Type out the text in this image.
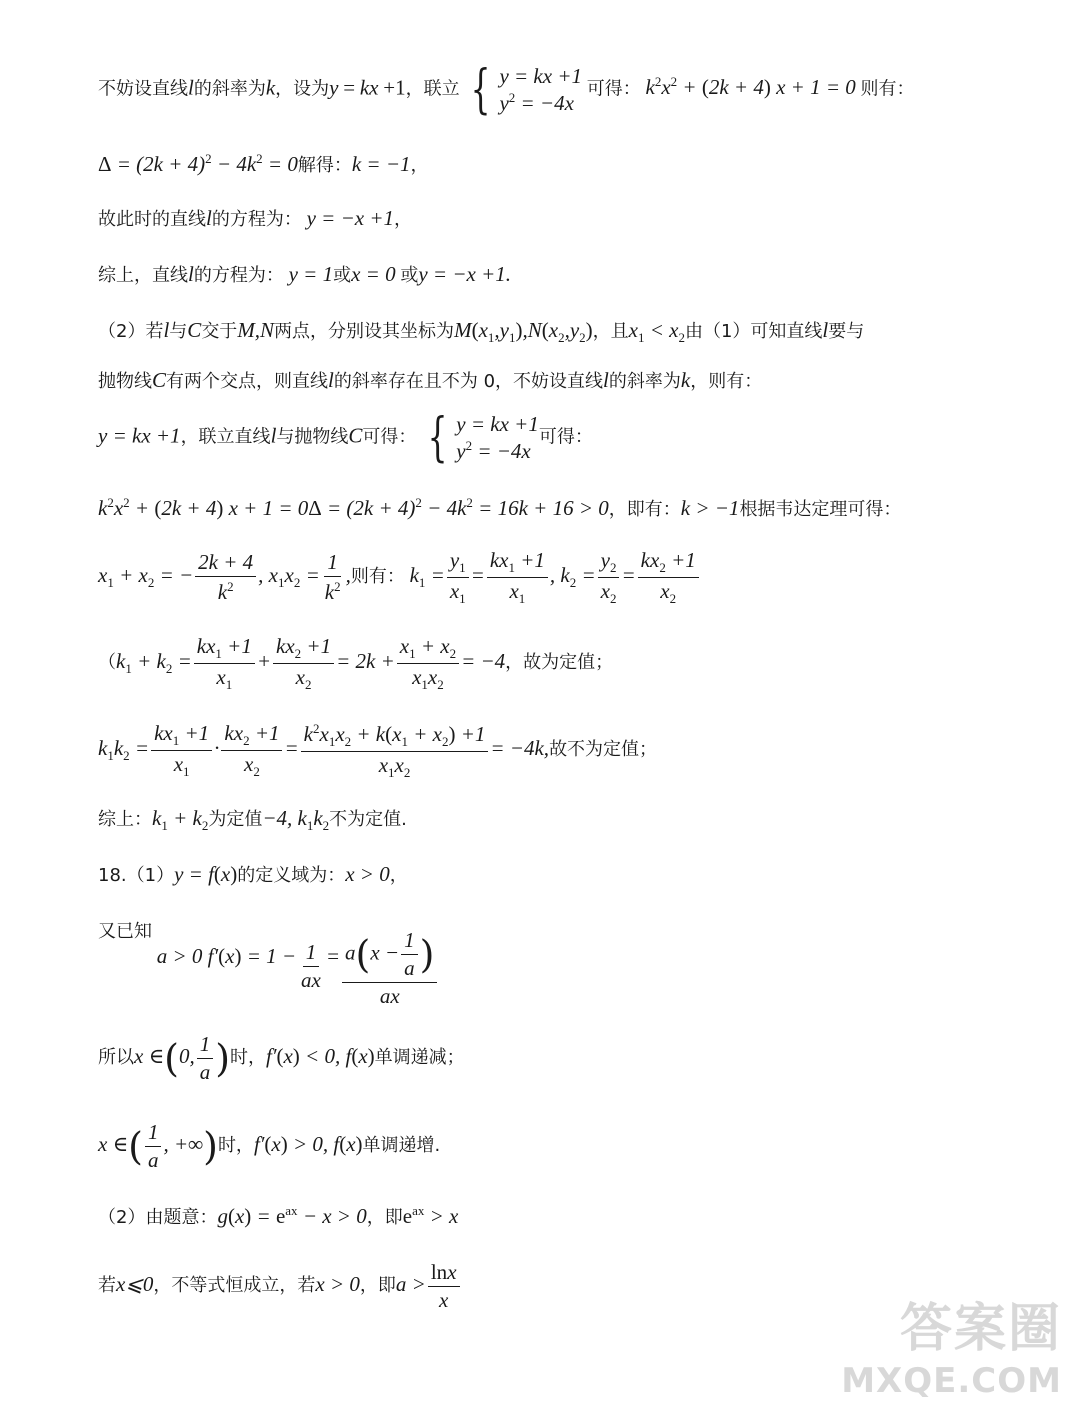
不妨设直线l的斜率为k，设为y = kx +1，联立 { y = kx +1
$y^2 = -4x$
可得： $k^2x^2 + (2k + 4) x + 1 = 0$ 则有：
$\Delta = (2k + 4)^2 - 4k^2 = 0$解得：k = −1，
故此时的直线l的方程为： y = −x +1，
综上，直线l的方程为： y = 1或x = 0 或y = −x +1.
（2）若l与C交于M,N两点，分别设其坐标为$M(x_1,y_1),N(x_2,y_2)$，且$x_1 < x_2$由（1）可知直线l要与
抛物线C有两个交点，则直线l的斜率存在且不为 0，不妨设直线l的斜率为k，则有：
y = kx +1，联立直线l与抛物线C可得： { y = kx +1
$y^2 = -4x$
可得：
$k^2x^2 + (2k + 4) x + 1 = 0\Delta = (2k + 4)^2 - 4k^2 = 16k + 16 > 0$，即有：k > −1根据韦达定理可得：
$x_1 + x_2$ = − $\frac{2k + 4}{k^2}$ , $x_1x_2 = \frac{1}{k^2}$ ,则有： $k_1 = \frac{y_1}{x_1} = \frac{kx_1 +1}{x_1}$ , $k_2 = \frac{y_2}{x_2} = \frac{kx_2 +1}{x_2}$
（$k_1 + k_2 = \frac{kx_1 +1}{x_1} + \frac{kx_2 +1}{x_2} = 2k + \frac{x_1 + x_2}{x_1x_2} = -4$，故为定值；
$k_1k_2 = \frac{kx_1 +1}{x_1} \cdot \frac{kx_2 +1}{x_2} = \frac{k^2x_1x_2 + k(x_1 + x_2) +1}{x_1x_2} = -4k$,故不为定值；
综上：$k_1 + k_2$为定值−4, $k_1k_2$不为定值.
18.（1）y = f(x)的定义域为：x > 0，
又已知 a > 0 $f'(x) = 1 - \frac{1}{ax} = \frac{a(x - \frac{1}{a} )}{ax}$
所以x ∈(0, $\frac{1}{a}$ )时，f′(x) < 0, f(x)单调递减；
x ∈( $\frac{1}{a}$ , +∞)时，f′(x) > 0, f(x)单调递增.
（2）由题意：$g(x) = e^{ax} - x > 0$，即$e^{ax} > x$
若x⩽0，不等式恒成立，若x > 0，即$a > \frac{\ln x}{x}$
答案圈
MXQE.COM
